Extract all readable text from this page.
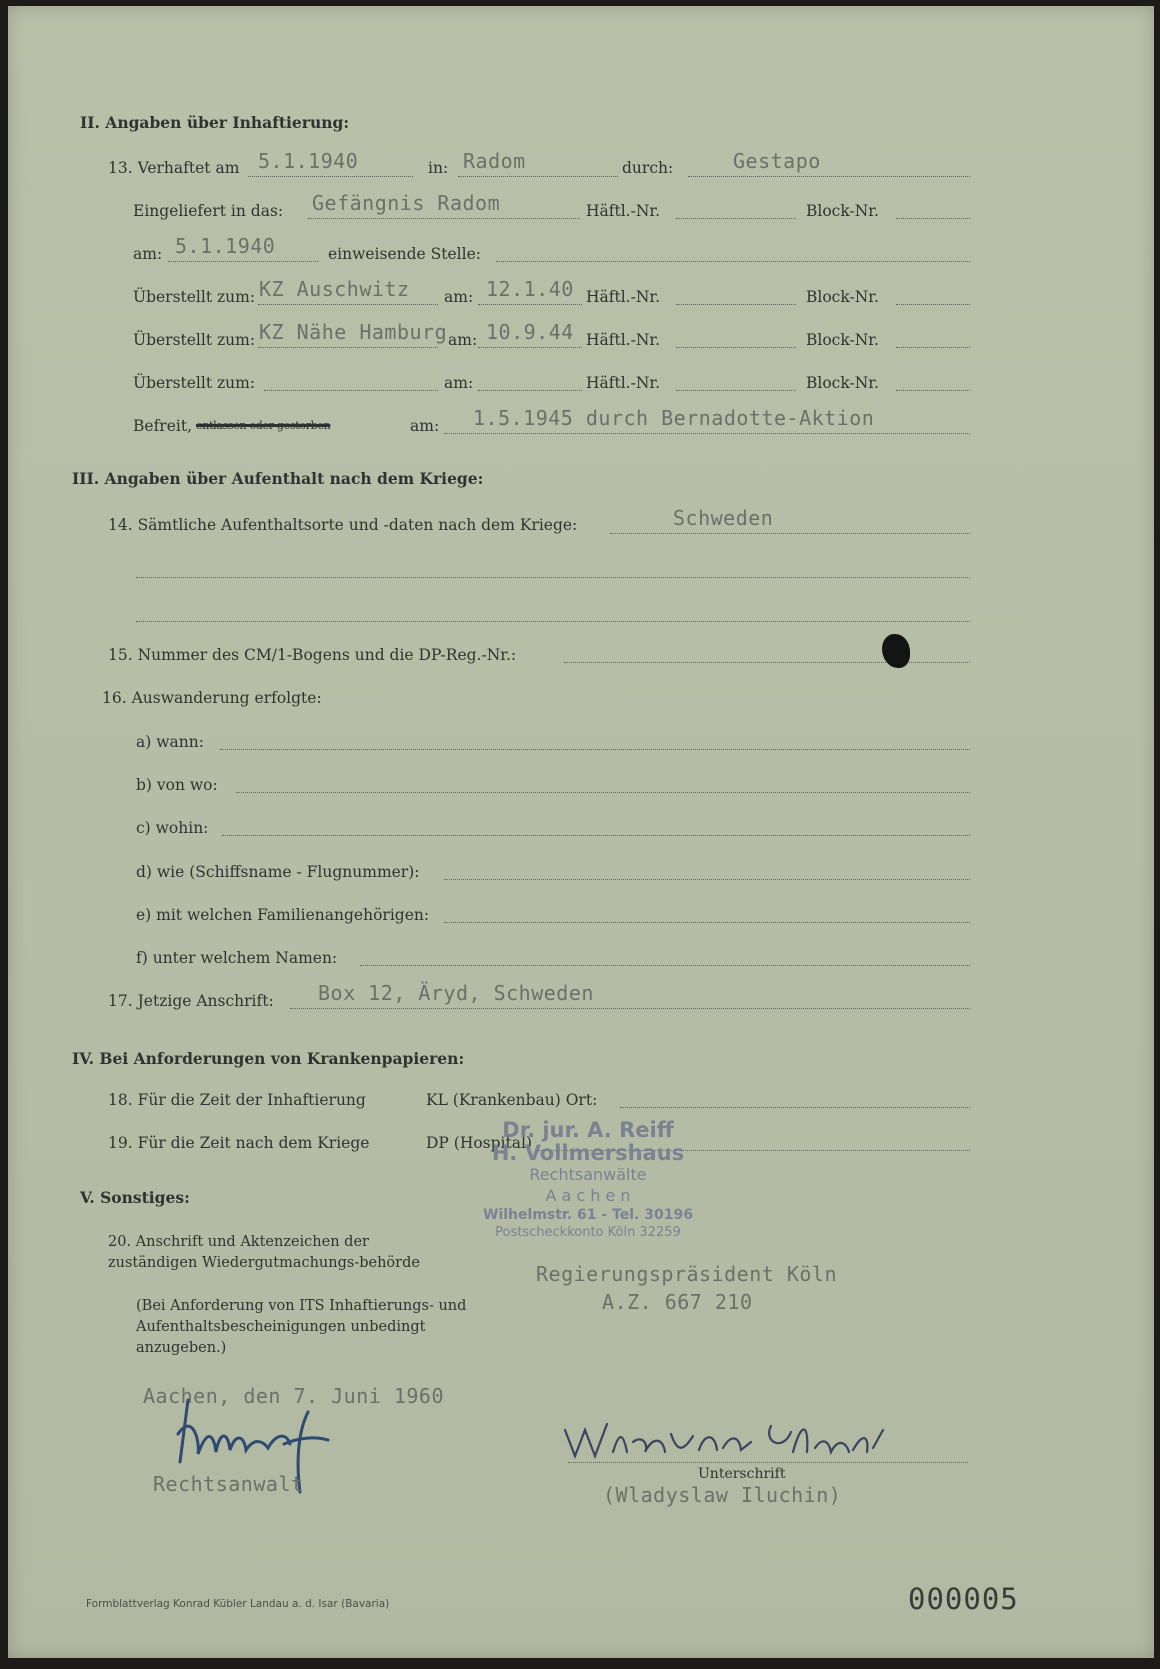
II. Angaben über Inhaftierung:
13. Verhaftet am 5.1.1940	in: Radom	durch:	Gestapo
Eingeliefert in das: Gefängnis Radom	Häftl.-Nr.	Block-Nr.
am: 5.1.1940	einweisende Stelle:
Überstellt zum: KZ Auschwitz am: 12.1.40 Häftl.-Nr.	Block-Nr.
Überstellt zum: KZ Nähe Hamburg am: 10.9.44 Häftl.-Nr.	Block-Nr.
Überstellt zum:	am:	Häftl.-Nr.	Block-Nr.
Befreit, entlassen oder gestorben	am: 1.5.1945 durch Bernadotte-Aktion
III. Angaben über Aufenthalt nach dem Kriege:
14. Sämtliche Aufenthaltsorte und -daten nach dem Kriege:	Schweden
15. Nummer des CM/1-Bogens und die DP-Reg.-Nr.:
16. Auswanderung erfolgte:
a) wann:
b) von wo:
c) wohin:
d) wie (Schiffsname - Flugnummer):
e) mit welchen Familienangehörigen:
f) unter welchem Namen:
17. Jetzige Anschrift: Box 12, Äryd, Schweden
IV. Bei Anforderungen von Krankenpapieren:
18. Für die Zeit der Inhaftierung	KL (Krankenbau) Ort:
19. Für die Zeit nach dem Kriege	DP (Hospital)
Dr. jur. A. Reiff
H. Vollmershaus
Rechtsanwälte
A a c h e n
Wilhelmstr. 61 - Tel. 30196
Postscheckkonto Köln 32259
V. Sonstiges:
20. Anschrift und Aktenzeichen der zuständigen Wiedergutmachungs-behörde
(Bei Anforderung von ITS Inhaftierungs- und Aufenthaltsbescheinigungen unbedingt anzugeben.)
Regierungspräsident Köln
A.Z. 667 210
Aachen, den 7. Juni 1960
Rechtsanwalt	Unterschrift
(Wladyslaw Iluchin)
Formblattverlag Konrad Kübler Landau a. d. Isar (Bavaria)	000005
